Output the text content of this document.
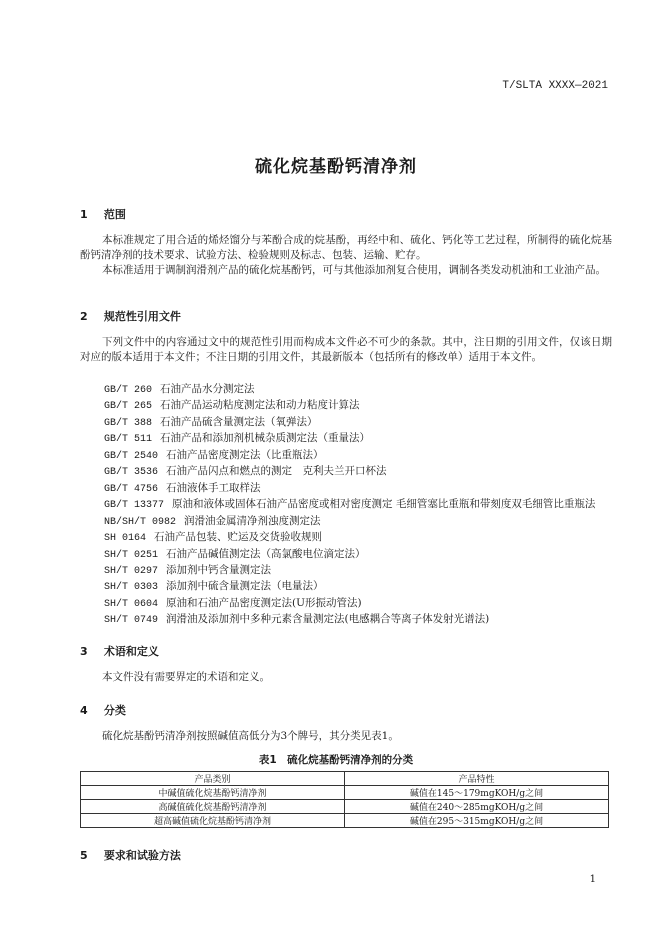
T/SLTA XXXX—2021
硫化烷基酚钙清净剂
1 范围
本标准规定了用合适的烯烃馏分与苯酚合成的烷基酚，再经中和、硫化、钙化等工艺过程，所制得的硫化烷基酚钙清净剂的技术要求、试验方法、检验规则及标志、包装、运输、贮存。
本标准适用于调制润滑剂产品的硫化烷基酚钙，可与其他添加剂复合使用，调制各类发动机油和工业油产品。
2 规范性引用文件
下列文件中的内容通过文中的规范性引用而构成本文件必不可少的条款。其中，注日期的引用文件，仅该日期对应的版本适用于本文件；不注日期的引用文件，其最新版本（包括所有的修改单）适用于本文件。
GB/T 260 石油产品水分测定法
GB/T 265 石油产品运动粘度测定法和动力粘度计算法
GB/T 388 石油产品硫含量测定法（氧弹法）
GB/T 511 石油产品和添加剂机械杂质测定法（重量法）
GB/T 2540 石油产品密度测定法（比重瓶法）
GB/T 3536 石油产品闪点和燃点的测定　克利夫兰开口杯法
GB/T 4756 石油液体手工取样法
GB/T 13377 原油和液体或固体石油产品密度或相对密度测定 毛细管塞比重瓶和带刻度双毛细管比重瓶法
NB/SH/T 0982 润滑油金属清净剂浊度测定法
SH 0164 石油产品包装、贮运及交货验收规则
SH/T 0251 石油产品碱值测定法（高氯酸电位滴定法）
SH/T 0297 添加剂中钙含量测定法
SH/T 0303 添加剂中硫含量测定法（电量法）
SH/T 0604 原油和石油产品密度测定法(U形振动管法)
SH/T 0749 润滑油及添加剂中多种元素含量测定法(电感耦合等离子体发射光谱法)
3 术语和定义
本文件没有需要界定的术语和定义。
4 分类
硫化烷基酚钙清净剂按照碱值高低分为3个牌号，其分类见表1。
表1　硫化烷基酚钙清净剂的分类
产品类别	产品特性
中碱值硫化烷基酚钙清净剂	碱值在145～179mgKOH/g之间
高碱值硫化烷基酚钙清净剂	碱值在240～285mgKOH/g之间
超高碱值硫化烷基酚钙清净剂	碱值在295～315mgKOH/g之间
5 要求和试验方法
1
